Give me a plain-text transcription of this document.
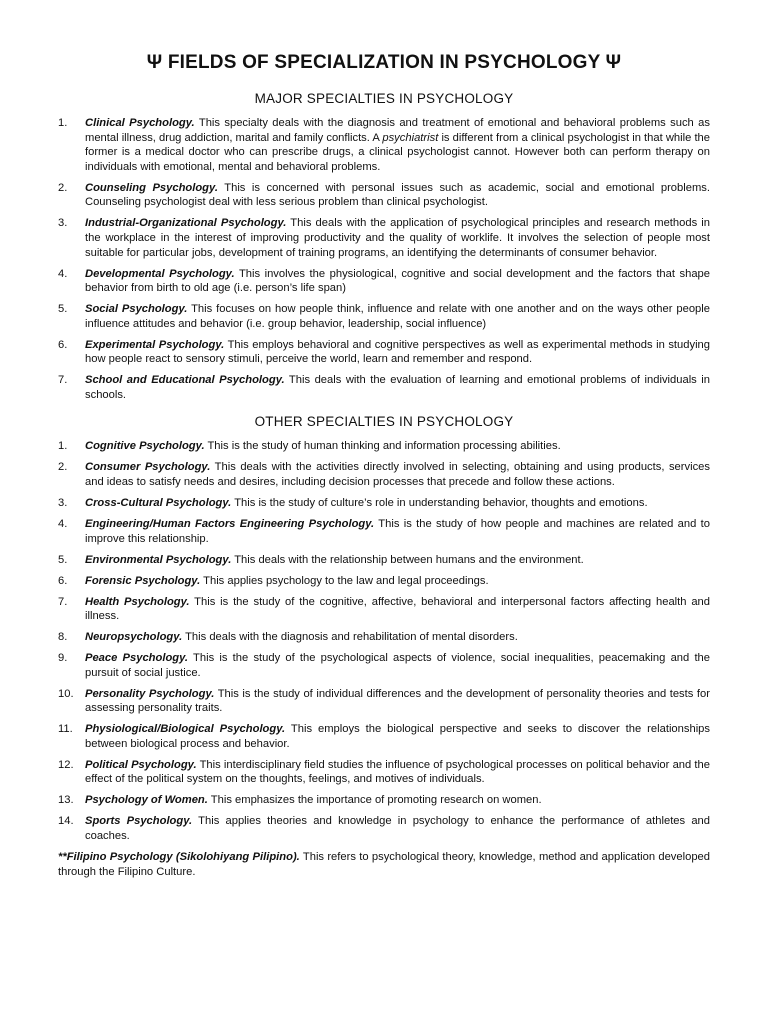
Ψ FIELDS OF SPECIALIZATION IN PSYCHOLOGY Ψ
MAJOR SPECIALTIES IN PSYCHOLOGY
1.	Clinical Psychology. This specialty deals with the diagnosis and treatment of emotional and behavioral problems such as mental illness, drug addiction, marital and family conflicts. A psychiatrist is different from a clinical psychologist in that while the former is a medical doctor who can prescribe drugs, a clinical psychologist cannot. However both can perform therapy on individuals with emotional, mental and behavioral problems.
2.	Counseling Psychology. This is concerned with personal issues such as academic, social and emotional problems. Counseling psychologist deal with less serious problem than clinical psychologist.
3.	Industrial-Organizational Psychology. This deals with the application of psychological principles and research methods in the workplace in the interest of improving productivity and the quality of worklife. It involves the selection of people most suitable for particular jobs, development of training programs, an identifying the determinants of consumer behavior.
4.	Developmental Psychology. This involves the physiological, cognitive and social development and the factors that shape behavior from birth to old age (i.e. person’s life span)
5.	Social Psychology. This focuses on how people think, influence and relate with one another and on the ways other people influence attitudes and behavior (i.e. group behavior, leadership, social influence)
6.	Experimental Psychology. This employs behavioral and cognitive perspectives as well as experimental methods in studying how people react to sensory stimuli, perceive the world, learn and remember and respond.
7.	School and Educational Psychology. This deals with the evaluation of learning and emotional problems of individuals in schools.
OTHER SPECIALTIES IN PSYCHOLOGY
1.	Cognitive Psychology. This is the study of human thinking and information processing abilities.
2.	Consumer Psychology. This deals with the activities directly involved in selecting, obtaining and using products, services and ideas to satisfy needs and desires, including decision processes that precede and follow these actions.
3.	Cross-Cultural Psychology. This is the study of culture’s role in understanding behavior, thoughts and emotions.
4.	Engineering/Human Factors Engineering Psychology. This is the study of how people and machines are related and to improve this relationship.
5.	Environmental Psychology. This deals with the relationship between humans and the environment.
6.	Forensic Psychology. This applies psychology to the law and legal proceedings.
7.	Health Psychology. This is the study of the cognitive, affective, behavioral and interpersonal factors affecting health and illness.
8.	Neuropsychology. This deals with the diagnosis and rehabilitation of mental disorders.
9.	Peace Psychology. This is the study of the psychological aspects of violence, social inequalities, peacemaking and the pursuit of social justice.
10.	Personality Psychology. This is the study of individual differences and the development of personality theories and tests for assessing personality traits.
11.	Physiological/Biological Psychology. This employs the biological perspective and seeks to discover the relationships between biological process and behavior.
12.	Political Psychology. This interdisciplinary field studies the influence of psychological processes on political behavior and the effect of the political system on the thoughts, feelings, and motives of individuals.
13.	Psychology of Women. This emphasizes the importance of promoting research on women.
14.	Sports Psychology. This applies theories and knowledge in psychology to enhance the performance of athletes and coaches.
**Filipino Psychology (Sikolohiyang Pilipino). This refers to psychological theory, knowledge, method and application developed through the Filipino Culture.
